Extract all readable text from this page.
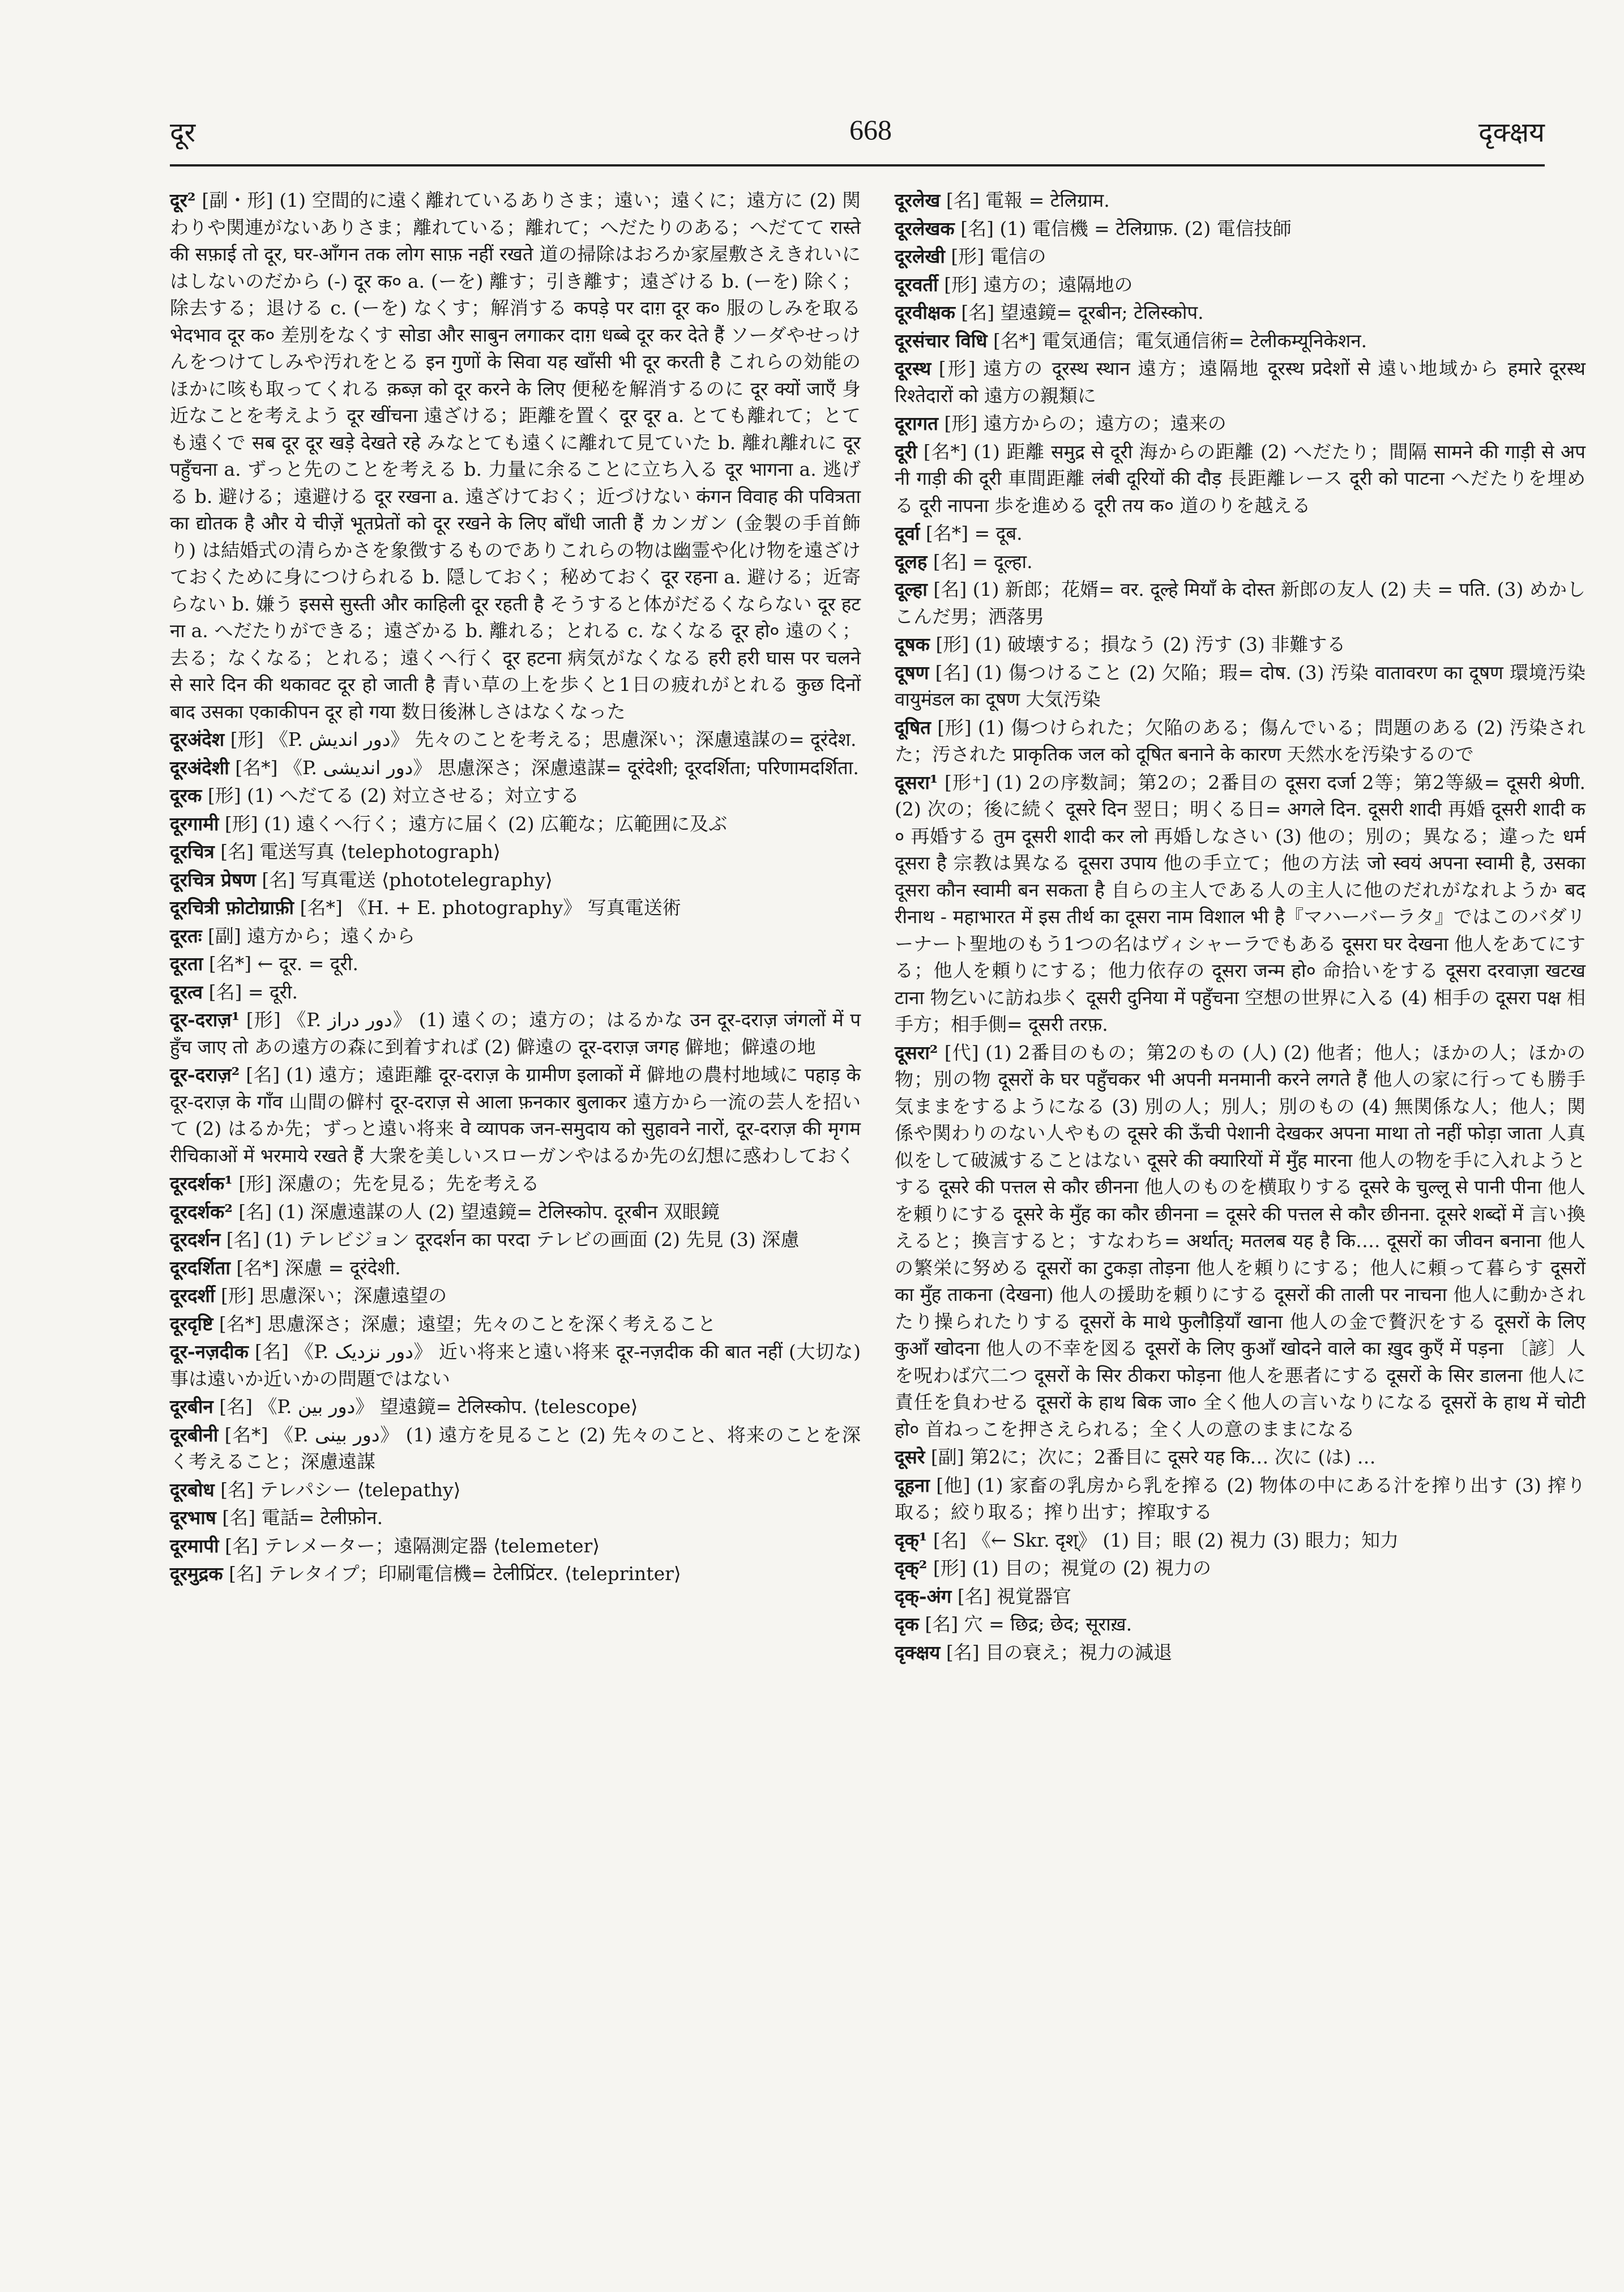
दूर	668	दृक्क्षय

दूर² [副・形] (1) 空間的に遠く離れているありさま；遠い；遠くに；遠方に (2) 関わりや関連がないありさま；離れている；離れて；へだたりのある；へだてて रास्ते की सफ़ाई तो दूर, घर-आँगन तक लोग साफ़ नहीं रखते 道の掃除はおろか家屋敷さえきれいにはしないのだから (-) दूर क० a. (ーを) 離す；引き離す；遠ざける b. (ーを) 除く；除去する；退ける c. (ーを) なくす；解消する कपड़े पर दाग़ दूर क० 服のしみを取る भेदभाव दूर क० 差別をなくす सोडा और साबुन लगाकर दाग़ धब्बे दूर कर देते हैं ソーダやせっけんをつけてしみや汚れをとる इन गुणों के सिवा यह खाँसी भी दूर करती है これらの効能のほかに咳も取ってくれる क़ब्ज़ को दूर करने के लिए 便秘を解消するのに दूर क्यों जाएँ 身近なことを考えよう दूर खींचना 遠ざける；距離を置く दूर दूर a. とても離れて；とても遠くで सब दूर दूर खड़े देखते रहे みなとても遠くに離れて見ていた b. 離れ離れに दूर पहुँचना a. ずっと先のことを考える b. 力量に余ることに立ち入る दूर भागना a. 逃げる b. 避ける；遠避ける दूर रखना a. 遠ざけておく；近づけない कंगन विवाह की पवित्रता का द्योतक है और ये चीज़ें भूतप्रेतों को दूर रखने के लिए बाँधी जाती हैं カンガン (金製の手首飾り) は結婚式の清らかさを象徴するものでありこれらの物は幽霊や化け物を遠ざけておくために身につけられる b. 隠しておく；秘めておく दूर रहना a. 避ける；近寄らない b. 嫌う इससे सुस्ती और काहिली दूर रहती है そうすると体がだるくならない दूर हटना a. へだたりができる；遠ざかる b. 離れる；とれる c. なくなる दूर हो० 遠のく；去る；なくなる；とれる；遠くへ行く दूर हटना 病気がなくなる हरी हरी घास पर चलने से सारे दिन की थकावट दूर हो जाती है 青い草の上を歩くと1日の疲れがとれる कुछ दिनों बाद उसका एकाकीपन दूर हो गया 数日後淋しさはなくなった

दूरअंदेश [形] 《P. دور اندیش》 先々のことを考える；思慮深い；深慮遠謀の= दूरंदेश.

दूरअंदेशी [名*] 《P. دور اندیشی》 思慮深さ；深慮遠謀= दूरंदेशी; दूरदर्शिता; परिणामदर्शिता.

दूरक [形] (1) へだてる (2) 対立させる；対立する

दूरगामी [形] (1) 遠くへ行く；遠方に届く (2) 広範な；広範囲に及ぶ

दूरचित्र [名] 電送写真 ⟨telephotograph⟩

दूरचित्र प्रेषण [名] 写真電送 ⟨phototelegraphy⟩

दूरचित्री फ़ोटोग्राफ़ी [名*] 《H. + E. photography》 写真電送術

दूरतः [副] 遠方から；遠くから

दूरता [名*] ← दूर. = दूरी.

दूरत्व [名] = दूरी.

दूर-दराज़¹ [形] 《P. دور دراز》 (1) 遠くの；遠方の；はるかな उन दूर-दराज़ जंगलों में पहुँच जाए तो あの遠方の森に到着すれば (2) 僻遠の दूर-दराज़ जगह 僻地；僻遠の地

दूर-दराज़² [名] (1) 遠方；遠距離 दूर-दराज़ के ग्रामीण इलाकों में 僻地の農村地域に पहाड़ के दूर-दराज़ के गाँव 山間の僻村 दूर-दराज़ से आला फ़नकार बुलाकर 遠方から一流の芸人を招いて (2) はるか先；ずっと遠い将来 वे व्यापक जन-समुदाय को सुहावने नारों, दूर-दराज़ की मृगमरीचिकाओं में भरमाये रखते हैं 大衆を美しいスローガンやはるか先の幻想に惑わしておく

दूरदर्शक¹ [形] 深慮の；先を見る；先を考える

दूरदर्शक² [名] (1) 深慮遠謀の人 (2) 望遠鏡= टेलिस्कोप. दूरबीन 双眼鏡

दूरदर्शन [名] (1) テレビジョン दूरदर्शन का परदा テレビの画面 (2) 先見 (3) 深慮

दूरदर्शिता [名*] 深慮 = दूरंदेशी.

दूरदर्शी [形] 思慮深い；深慮遠望の

दूरदृष्टि [名*] 思慮深さ；深慮；遠望；先々のことを深く考えること

दूर-नज़दीक [名] 《P. دور نزدیک》 近い将来と遠い将来 दूर-नज़दीक की बात नहीं (大切な) 事は遠いか近いかの問題ではない

दूरबीन [名] 《P. دور بین》 望遠鏡= टेलिस्कोप. ⟨telescope⟩

दूरबीनी [名*] 《P. دور بینی》 (1) 遠方を見ること (2) 先々のこと、将来のことを深く考えること；深慮遠謀

दूरबोध [名] テレパシー ⟨telepathy⟩

दूरभाष [名] 電話= टेलीफ़ोन.

दूरमापी [名] テレメーター；遠隔測定器 ⟨telemeter⟩

दूरमुद्रक [名] テレタイプ；印刷電信機= टेलीप्रिंटर. ⟨teleprinter⟩

दूरलेख [名] 電報 = टेलिग्राम.

दूरलेखक [名] (1) 電信機 = टेलिग्राफ़. (2) 電信技師

दूरलेखी [形] 電信の

दूरवर्ती [形] 遠方の；遠隔地の

दूरवीक्षक [名] 望遠鏡= दूरबीन; टेलिस्कोप.

दूरसंचार विधि [名*] 電気通信；電気通信術= टेलीकम्यूनिकेशन.

दूरस्थ [形] 遠方の दूरस्थ स्थान 遠方；遠隔地 दूरस्थ प्रदेशों से 遠い地域から हमारे दूरस्थ रिश्तेदारों को 遠方の親類に

दूरागत [形] 遠方からの；遠方の；遠来の

दूरी [名*] (1) 距離 समुद्र से दूरी 海からの距離 (2) へだたり；間隔 सामने की गाड़ी से अपनी गाड़ी की दूरी 車間距離 लंबी दूरियों की दौड़ 長距離レース दूरी को पाटना へだたりを埋める दूरी नापना 歩を進める दूरी तय क० 道のりを越える

दूर्वा [名*] = दूब.

दूलह [名] = दूल्हा.

दूल्हा [名] (1) 新郎；花婿= वर. दूल्हे मियाँ के दोस्त 新郎の友人 (2) 夫 = पति. (3) めかしこんだ男；洒落男

दूषक [形] (1) 破壊する；損なう (2) 汚す (3) 非難する

दूषण [名] (1) 傷つけること (2) 欠陥；瑕= दोष. (3) 汚染 वातावरण का दूषण 環境汚染 वायुमंडल का दूषण 大気汚染

दूषित [形] (1) 傷つけられた；欠陥のある；傷んでいる；問題のある (2) 汚染された；汚された प्राकृतिक जल को दूषित बनाने के कारण 天然水を汚染するので

दूसरा¹ [形⁺] (1) 2の序数詞；第2の；2番目の दूसरा दर्जा 2等；第2等級= दूसरी श्रेणी. (2) 次の；後に続く दूसरे दिन 翌日；明くる日= अगले दिन. दूसरी शादी 再婚 दूसरी शादी क० 再婚する तुम दूसरी शादी कर लो 再婚しなさい (3) 他の；別の；異なる；違った धर्म दूसरा है 宗教は異なる दूसरा उपाय 他の手立て；他の方法 जो स्वयं अपना स्वामी है, उसका दूसरा कौन स्वामी बन सकता है 自らの主人である人の主人に他のだれがなれようか बदरीनाथ - महाभारत में इस तीर्थ का दूसरा नाम विशाल भी है『マハーバーラタ』ではこのバダリーナート聖地のもう1つの名はヴィシャーラでもある दूसरा घर देखना 他人をあてにする；他人を頼りにする；他力依存の दूसरा जन्म हो० 命拾いをする दूसरा दरवाज़ा खटखटाना 物乞いに訪ね歩く दूसरी दुनिया में पहुँचना 空想の世界に入る (4) 相手の दूसरा पक्ष 相手方；相手側= दूसरी तरफ़.

दूसरा² [代] (1) 2番目のもの；第2のもの (人) (2) 他者；他人；ほかの人；ほかの物；別の物 दूसरों के घर पहुँचकर भी अपनी मनमानी करने लगते हैं 他人の家に行っても勝手気ままをするようになる (3) 別の人；別人；別のもの (4) 無関係な人；他人；関係や関わりのない人やもの दूसरे की ऊँची पेशानी देखकर अपना माथा तो नहीं फोड़ा जाता 人真似をして破滅することはない दूसरे की क्यारियों में मुँह मारना 他人の物を手に入れようとする दूसरे की पत्तल से कौर छीनना 他人のものを横取りする दूसरे के चुल्लू से पानी पीना 他人を頼りにする दूसरे के मुँह का कौर छीनना = दूसरे की पत्तल से कौर छीनना. दूसरे शब्दों में 言い換えると；換言すると；すなわち= अर्थात्; मतलब यह है कि…. दूसरों का जीवन बनाना 他人の繁栄に努める दूसरों का टुकड़ा तोड़ना 他人を頼りにする；他人に頼って暮らす दूसरों का मुँह ताकना (देखना) 他人の援助を頼りにする दूसरों की ताली पर नाचना 他人に動かされたり操られたりする दूसरों के माथे फुलौड़ियाँ खाना 他人の金で贅沢をする दूसरों के लिए कुआँ खोदना 他人の不幸を図る दूसरों के लिए कुआँ खोदने वाले का ख़ुद कुएँ में पड़ना 〔諺〕人を呪わば穴二つ दूसरों के सिर ठीकरा फोड़ना 他人を悪者にする दूसरों के सिर डालना 他人に責任を負わせる दूसरों के हाथ बिक जा० 全く他人の言いなりになる दूसरों के हाथ में चोटी हो० 首ねっこを押さえられる；全く人の意のままになる

दूसरे [副] 第2に；次に；2番目に दूसरे यह कि… 次に (は) …

दूहना [他] (1) 家畜の乳房から乳を搾る (2) 物体の中にある汁を搾り出す (3) 搾り取る；絞り取る；搾り出す；搾取する

दृक्¹ [名] 《← Skr. दृश्》 (1) 目；眼 (2) 視力 (3) 眼力；知力

दृक्² [形] (1) 目の；視覚の (2) 視力の

दृक्-अंग [名] 視覚器官

दृक [名] 穴 = छिद्र; छेद; सूराख़.

दृक्क्षय [名] 目の衰え；視力の減退
